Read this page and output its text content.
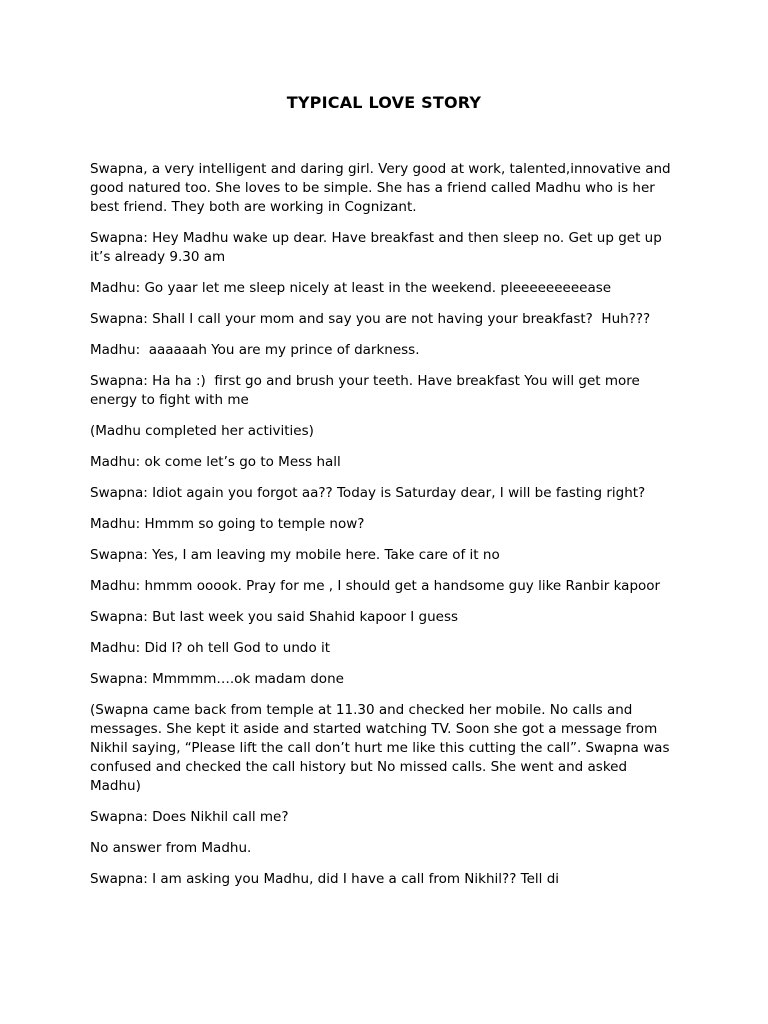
TYPICAL LOVE STORY

Swapna, a very intelligent and daring girl. Very good at work, talented,innovative and good natured too. She loves to be simple. She has a friend called Madhu who is her best friend. They both are working in Cognizant.

Swapna: Hey Madhu wake up dear. Have breakfast and then sleep no. Get up get up it’s already 9.30 am

Madhu: Go yaar let me sleep nicely at least in the weekend. pleeeeeeeeease

Swapna: Shall I call your mom and say you are not having your breakfast?  Huh???

Madhu:  aaaaaah You are my prince of darkness.

Swapna: Ha ha :)  first go and brush your teeth. Have breakfast You will get more energy to fight with me

(Madhu completed her activities)

Madhu: ok come let’s go to Mess hall

Swapna: Idiot again you forgot aa?? Today is Saturday dear, I will be fasting right?

Madhu: Hmmm so going to temple now?

Swapna: Yes, I am leaving my mobile here. Take care of it no

Madhu: hmmm ooook. Pray for me , I should get a handsome guy like Ranbir kapoor

Swapna: But last week you said Shahid kapoor I guess

Madhu: Did I? oh tell God to undo it

Swapna: Mmmmm….ok madam done

(Swapna came back from temple at 11.30 and checked her mobile. No calls and messages. She kept it aside and started watching TV. Soon she got a message from Nikhil saying, “Please lift the call don’t hurt me like this cutting the call”. Swapna was confused and checked the call history but No missed calls. She went and asked Madhu)

Swapna: Does Nikhil call me?

No answer from Madhu.

Swapna: I am asking you Madhu, did I have a call from Nikhil?? Tell di
